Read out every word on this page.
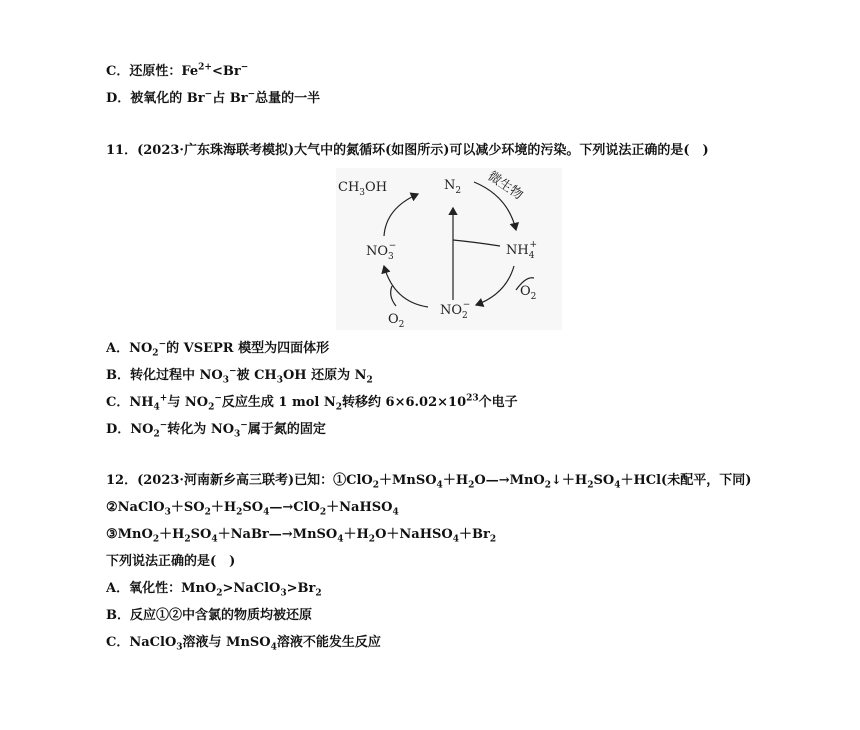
C．还原性：$Fe^{2+}<Br^-$
D．被氧化的 Br−占 Br−总量的一半
11．(2023·广东珠海联考模拟)大气中的氮循环(如图所示)可以减少环境的污染。下列说法正确的是(　)
$CH_3OH$	$N_2$ 微生物
$NH_4+$
$NO_3-$
$NO_2-$
$O_2$
$O_2$
A．$NO_2^-$的 VSEPR 模型为四面体形
B．转化过程中 $NO_3^-$被 $CH_3OH$ 还原为 $N_2$
C．$NH_4^+$与 $NO_2^-$反应生成 1 mol $N_2$转移约 $6\times 6.02\times 10^{23}$个电子
D．$NO_2^-$转化为 $NO_3^-$属于氮的固定
12．(2023·河南新乡高三联考)已知：$①ClO_2+MnSO_4+H_2O—\to MnO_2↓+H_2SO_4+HCl$(未配平，下同)
$②NaClO_3+SO_2+H_2SO_4—\to ClO_2+NaHSO_4$
$③MnO_2+H_2SO_4+NaBr—\to MnSO_4+H_2O+NaHSO_4+Br_2$
下列说法正确的是(　)
A．氧化性：$MnO_2>NaClO_3>Br_2$
B．反应①②中含氯的物质均被还原
C．NaClO$_3$溶液与 MnSO$_4$溶液不能发生反应
